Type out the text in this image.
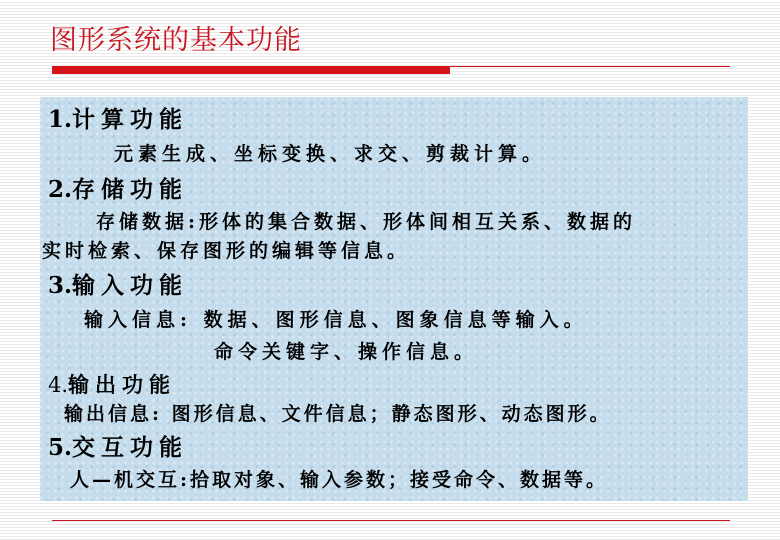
图形系统的基本功能
1.计算功能
元素生成、坐标变换、求交、剪裁计算。
2.存储功能
存储数据:形体的集合数据、形体间相互关系、数据的
实时检索、保存图形的编辑等信息。
3.输入功能
输入信息: 数据、图形信息、图象信息等输入。
命令关键字、操作信息。
4.输出功能
输出信息: 图形信息、文件信息；静态图形、动态图形。
5.交互功能
人—机交互:拾取对象、输入参数；接受命令、数据等。
